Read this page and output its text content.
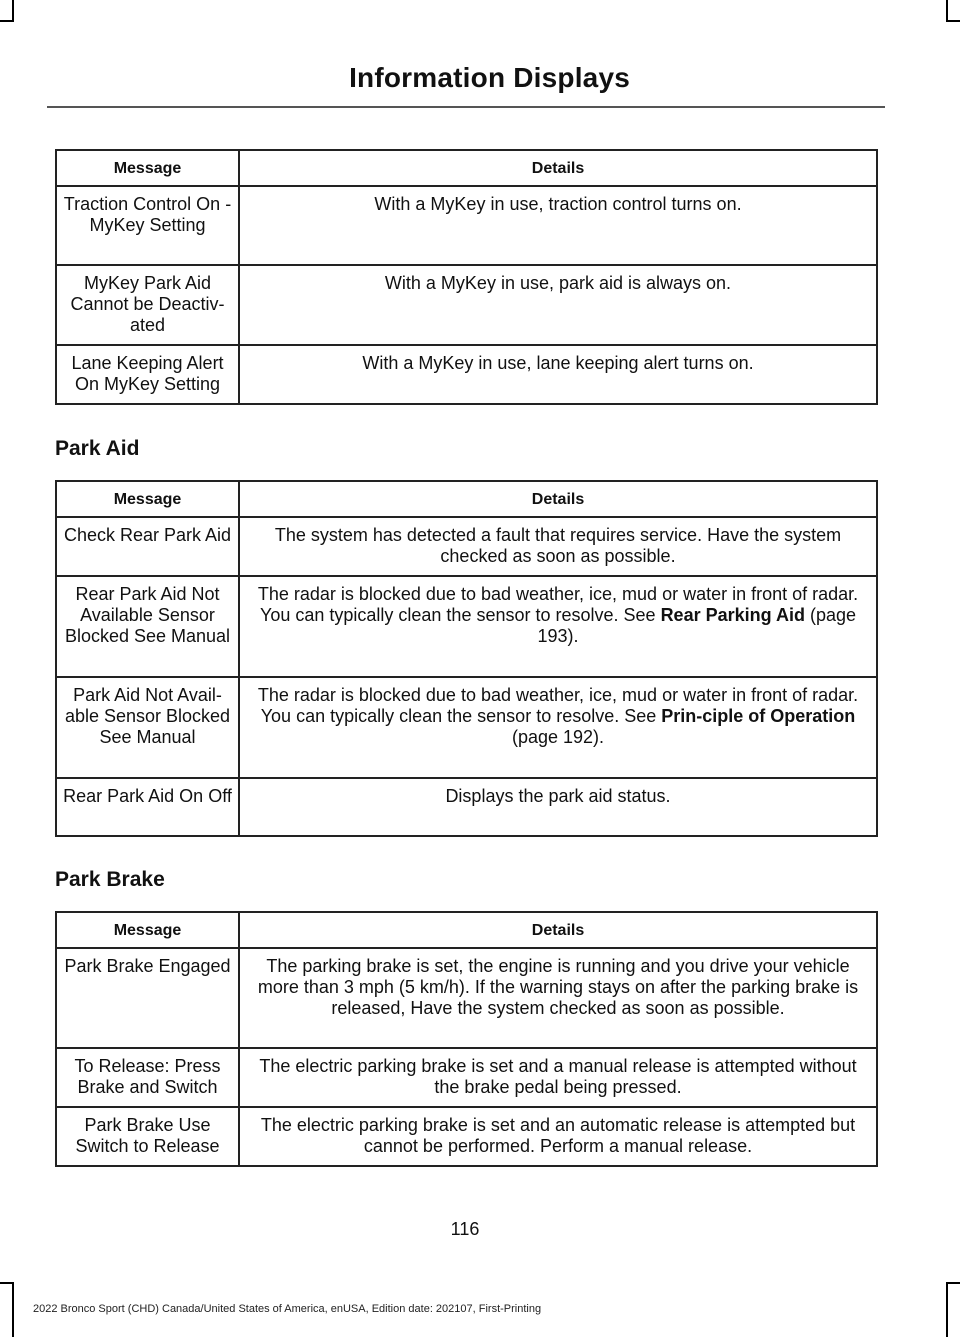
Information Displays
Message	Details
Traction Control On - MyKey Setting	With a MyKey in use, traction control turns on.
MyKey Park Aid Cannot be Deactiv-ated	With a MyKey in use, park aid is always on.
Lane Keeping Alert On MyKey Setting	With a MyKey in use, lane keeping alert turns on.
Park Aid
Message	Details
Check Rear Park Aid	The system has detected a fault that requires service. Have the system checked as soon as possible.
Rear Park Aid Not Available Sensor Blocked See Manual	The radar is blocked due to bad weather, ice, mud or water in front of radar. You can typically clean the sensor to resolve. See Rear Parking Aid (page 193).
Park Aid Not Avail-able Sensor Blocked See Manual	The radar is blocked due to bad weather, ice, mud or water in front of radar. You can typically clean the sensor to resolve. See Prin-ciple of Operation (page 192).
Rear Park Aid On Off	Displays the park aid status.
Park Brake
Message	Details
Park Brake Engaged	The parking brake is set, the engine is running and you drive your vehicle more than 3 mph (5 km/h). If the warning stays on after the parking brake is released, Have the system checked as soon as possible.
To Release: Press Brake and Switch	The electric parking brake is set and a manual release is attempted without the brake pedal being pressed.
Park Brake Use Switch to Release	The electric parking brake is set and an automatic release is attempted but cannot be performed. Perform a manual release.
116
2022 Bronco Sport (CHD) Canada/United States of America, enUSA, Edition date: 202107, First-Printing
